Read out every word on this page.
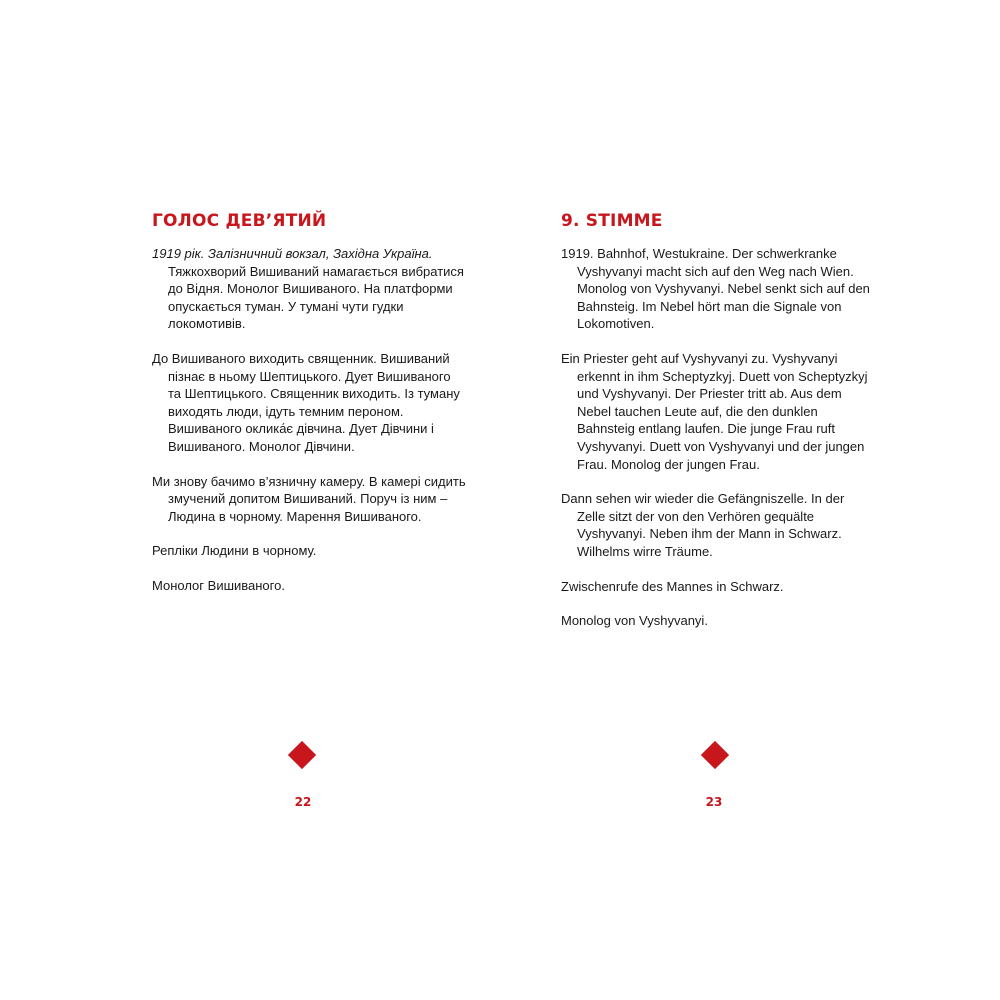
ГОЛОС ДЕВ’ЯТИЙ

1919 рік. Залізничний вокзал, Західна Україна. Тяжкохворий Вишиваний намагається вибратися до Відня. Монолог Вишиваного. На платформи опускається туман. У тумані чути гудки локомотивів.

До Вишиваного виходить священник. Вишиваний пізнає в ньому Шептицького. Дует Вишиваного та Шептицького. Священник виходить. Із туману виходять люди, ідуть темним пероном. Вишиваного оклика́є дівчина. Дует Дівчини і Вишиваного. Монолог Дівчини.

Ми знову бачимо в’язничну камеру. В камері сидить змучений допитом Вишиваний. Поруч із ним – Людина в чорному. Марення Вишиваного.

Репліки Людини в чорному.

Монолог Вишиваного.

22
9. STIMME

1919. Bahnhof, Westukraine. Der schwerkranke Vyshyvanyi macht sich auf den Weg nach Wien. Monolog von Vyshyvanyi. Nebel senkt sich auf den Bahnsteig. Im Nebel hört man die Signale von Lokomotiven.

Ein Priester geht auf Vyshyvanyi zu. Vyshyvanyi erkennt in ihm Scheptyzkyj. Duett von Scheptyzkyj und Vyshyvanyi. Der Priester tritt ab. Aus dem Nebel tauchen Leute auf, die den dunklen Bahnsteig entlang laufen. Die junge Frau ruft Vyshyvanyi. Duett von Vyshyvanyi und der jungen Frau. Monolog der jungen Frau.

Dann sehen wir wieder die Gefängniszelle. In der Zelle sitzt der von den Verhören gequälte Vyshyvanyi. Neben ihm der Mann in Schwarz. Wilhelms wirre Träume.

Zwischenrufe des Mannes in Schwarz.

Monolog von Vyshyvanyi.

23
